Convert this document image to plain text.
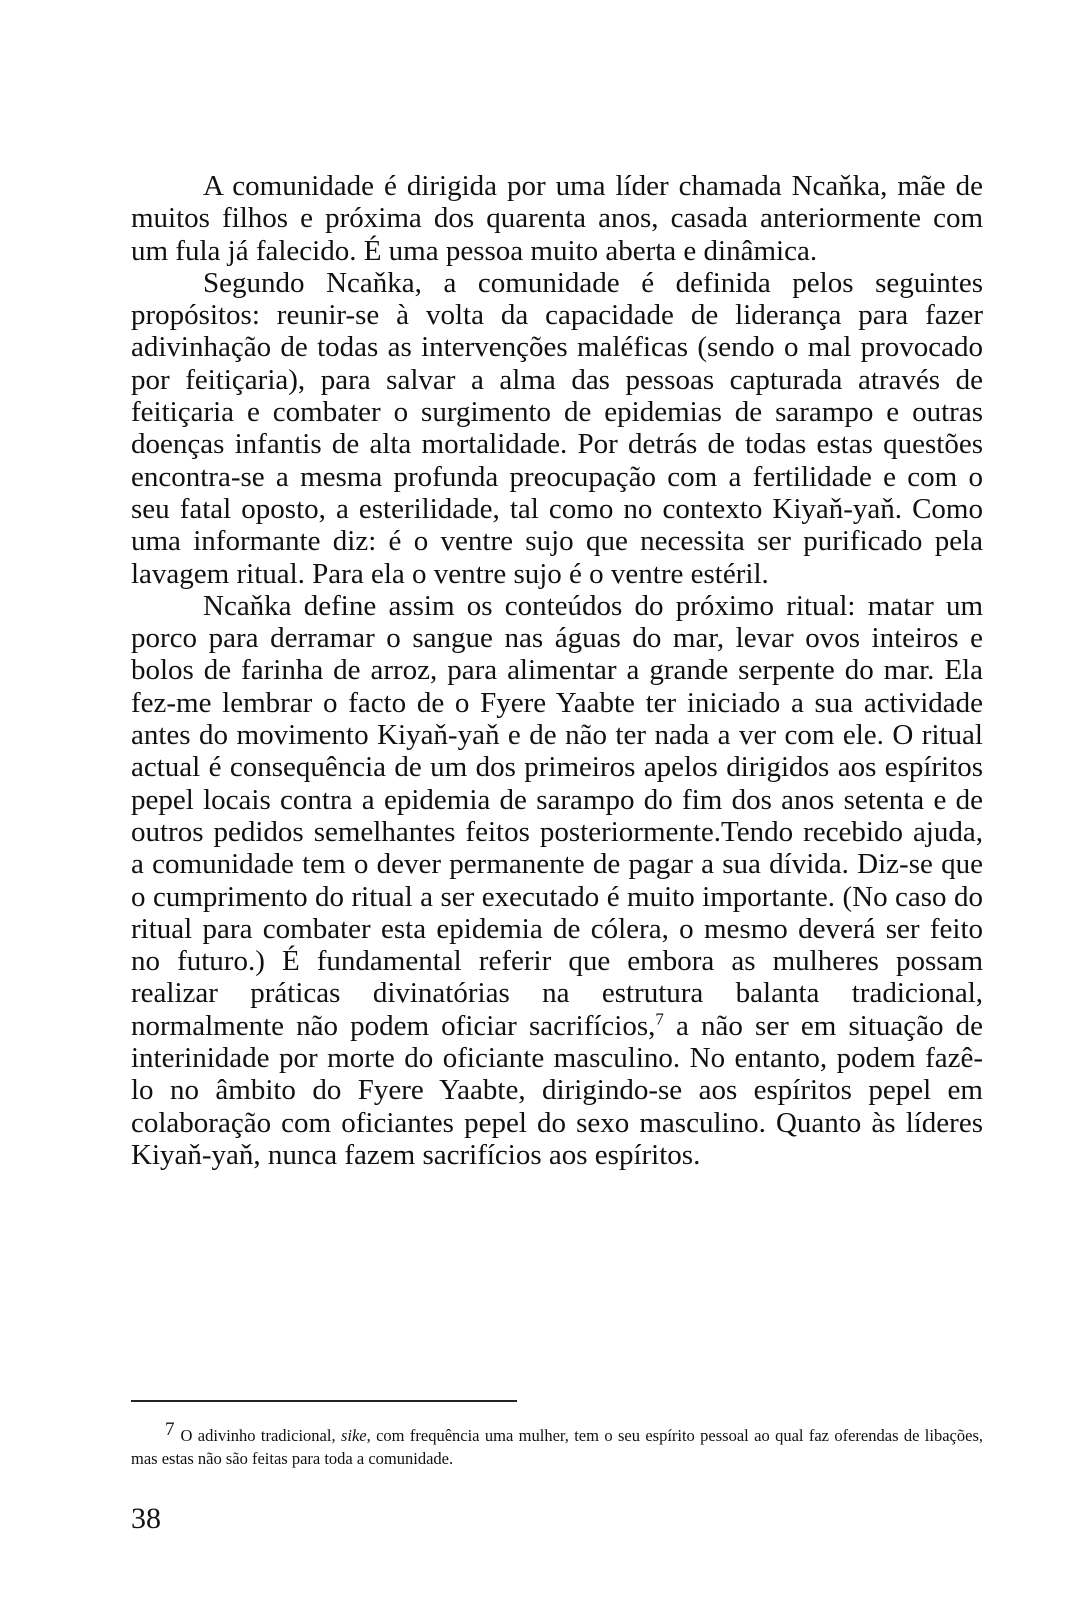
A comunidade é dirigida por uma líder chamada Ncaňka, mãe de muitos filhos e próxima dos quarenta anos, casada anteriormente com um fula já falecido. É uma pessoa muito aberta e dinâmica.

Segundo Ncaňka, a comunidade é definida pelos seguintes propósitos: reunir-se à volta da capacidade de liderança para fazer adivinhação de todas as intervenções maléficas (sendo o mal provocado por feitiçaria), para salvar a alma das pessoas capturada através de feitiçaria e combater o surgimento de epidemias de sarampo e outras doenças infantis de alta mortalidade. Por detrás de todas estas questões encontra-se a mesma profunda preocupação com a fertilidade e com o seu fatal oposto, a esterilidade, tal como no contexto Kiyaň-yaň. Como uma informante diz: é o ventre sujo que necessita ser purificado pela lavagem ritual. Para ela o ventre sujo é o ventre estéril.

Ncaňka define assim os conteúdos do próximo ritual: matar um porco para derramar o sangue nas águas do mar, levar ovos inteiros e bolos de farinha de arroz, para alimentar a grande serpente do mar. Ela fez-me lembrar o facto de o Fyere Yaabte ter iniciado a sua actividade antes do movimento Kiyaň-yaň e de não ter nada a ver com ele. O ritual actual é consequência de um dos primeiros apelos dirigidos aos espíritos pepel locais contra a epidemia de sarampo do fim dos anos setenta e de outros pedidos semelhantes feitos posteriormente.Tendo recebido ajuda, a comunidade tem o dever permanente de pagar a sua dívida. Diz-se que o cumprimento do ritual a ser executado é muito importante. (No caso do ritual para combater esta epidemia de cólera, o mesmo deverá ser feito no futuro.) É fundamental referir que embora as mulheres possam realizar práticas divinatórias na estrutura balanta tradicional, normalmente não podem oficiar sacrifícios,$^7$ a não ser em situação de interinidade por morte do oficiante masculino. No entanto, podem fazê-lo no âmbito do Fyere Yaabte, dirigindo-se aos espíritos pepel em colaboração com oficiantes pepel do sexo masculino. Quanto às líderes Kiyaň-yaň, nunca fazem sacrifícios aos espíritos.

$^7$ O adivinho tradicional, sike, com frequência uma mulher, tem o seu espírito pessoal ao qual faz oferendas de libações, mas estas não são feitas para toda a comunidade.
38
